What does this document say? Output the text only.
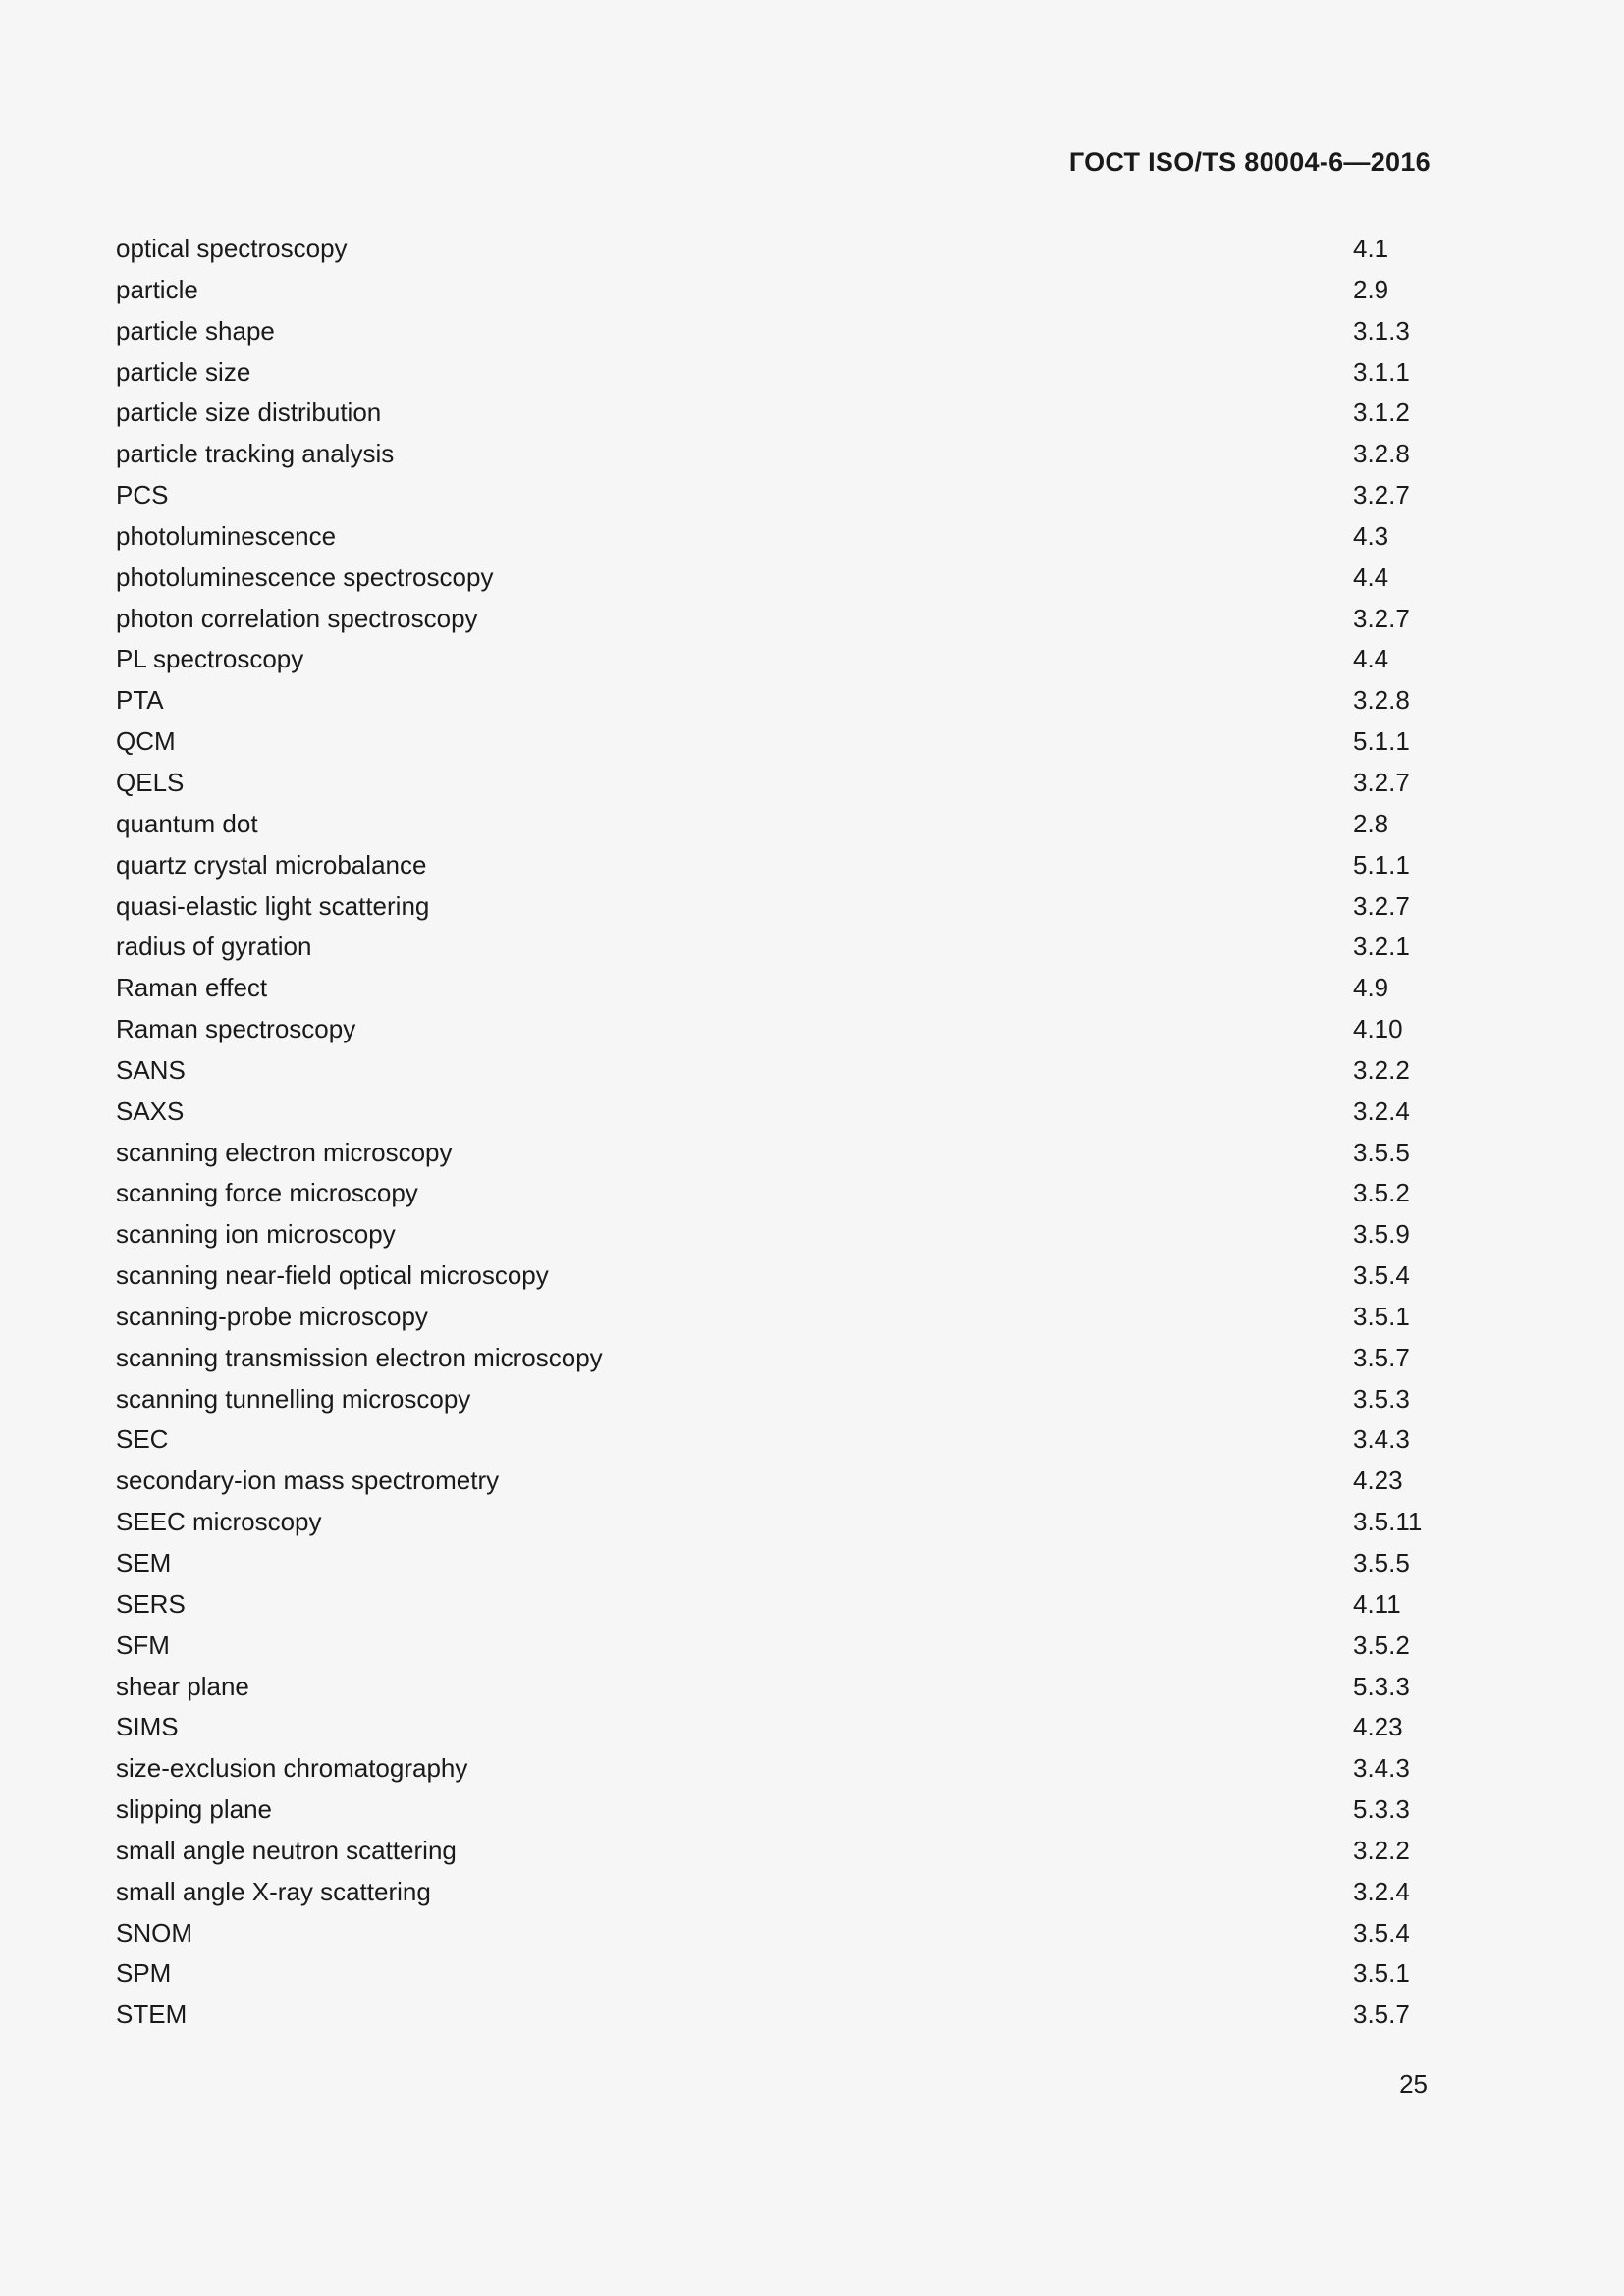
ГОСТ ISO/TS 80004-6—2016
optical spectroscopy	4.1
particle	2.9
particle shape	3.1.3
particle size	3.1.1
particle size distribution	3.1.2
particle tracking analysis	3.2.8
PCS	3.2.7
photoluminescence	4.3
photoluminescence spectroscopy	4.4
photon correlation spectroscopy	3.2.7
PL spectroscopy	4.4
PTA	3.2.8
QCM	5.1.1
QELS	3.2.7
quantum dot	2.8
quartz crystal microbalance	5.1.1
quasi-elastic light scattering	3.2.7
radius of gyration	3.2.1
Raman effect	4.9
Raman spectroscopy	4.10
SANS	3.2.2
SAXS	3.2.4
scanning electron microscopy	3.5.5
scanning force microscopy	3.5.2
scanning ion microscopy	3.5.9
scanning near-field optical microscopy	3.5.4
scanning-probe microscopy	3.5.1
scanning transmission electron microscopy	3.5.7
scanning tunnelling microscopy	3.5.3
SEC	3.4.3
secondary-ion mass spectrometry	4.23
SEEC microscopy	3.5.11
SEM	3.5.5
SERS	4.11
SFM	3.5.2
shear plane	5.3.3
SIMS	4.23
size-exclusion chromatography	3.4.3
slipping plane	5.3.3
small angle neutron scattering	3.2.2
small angle X-ray scattering	3.2.4
SNOM	3.5.4
SPM	3.5.1
STEM	3.5.7
25
